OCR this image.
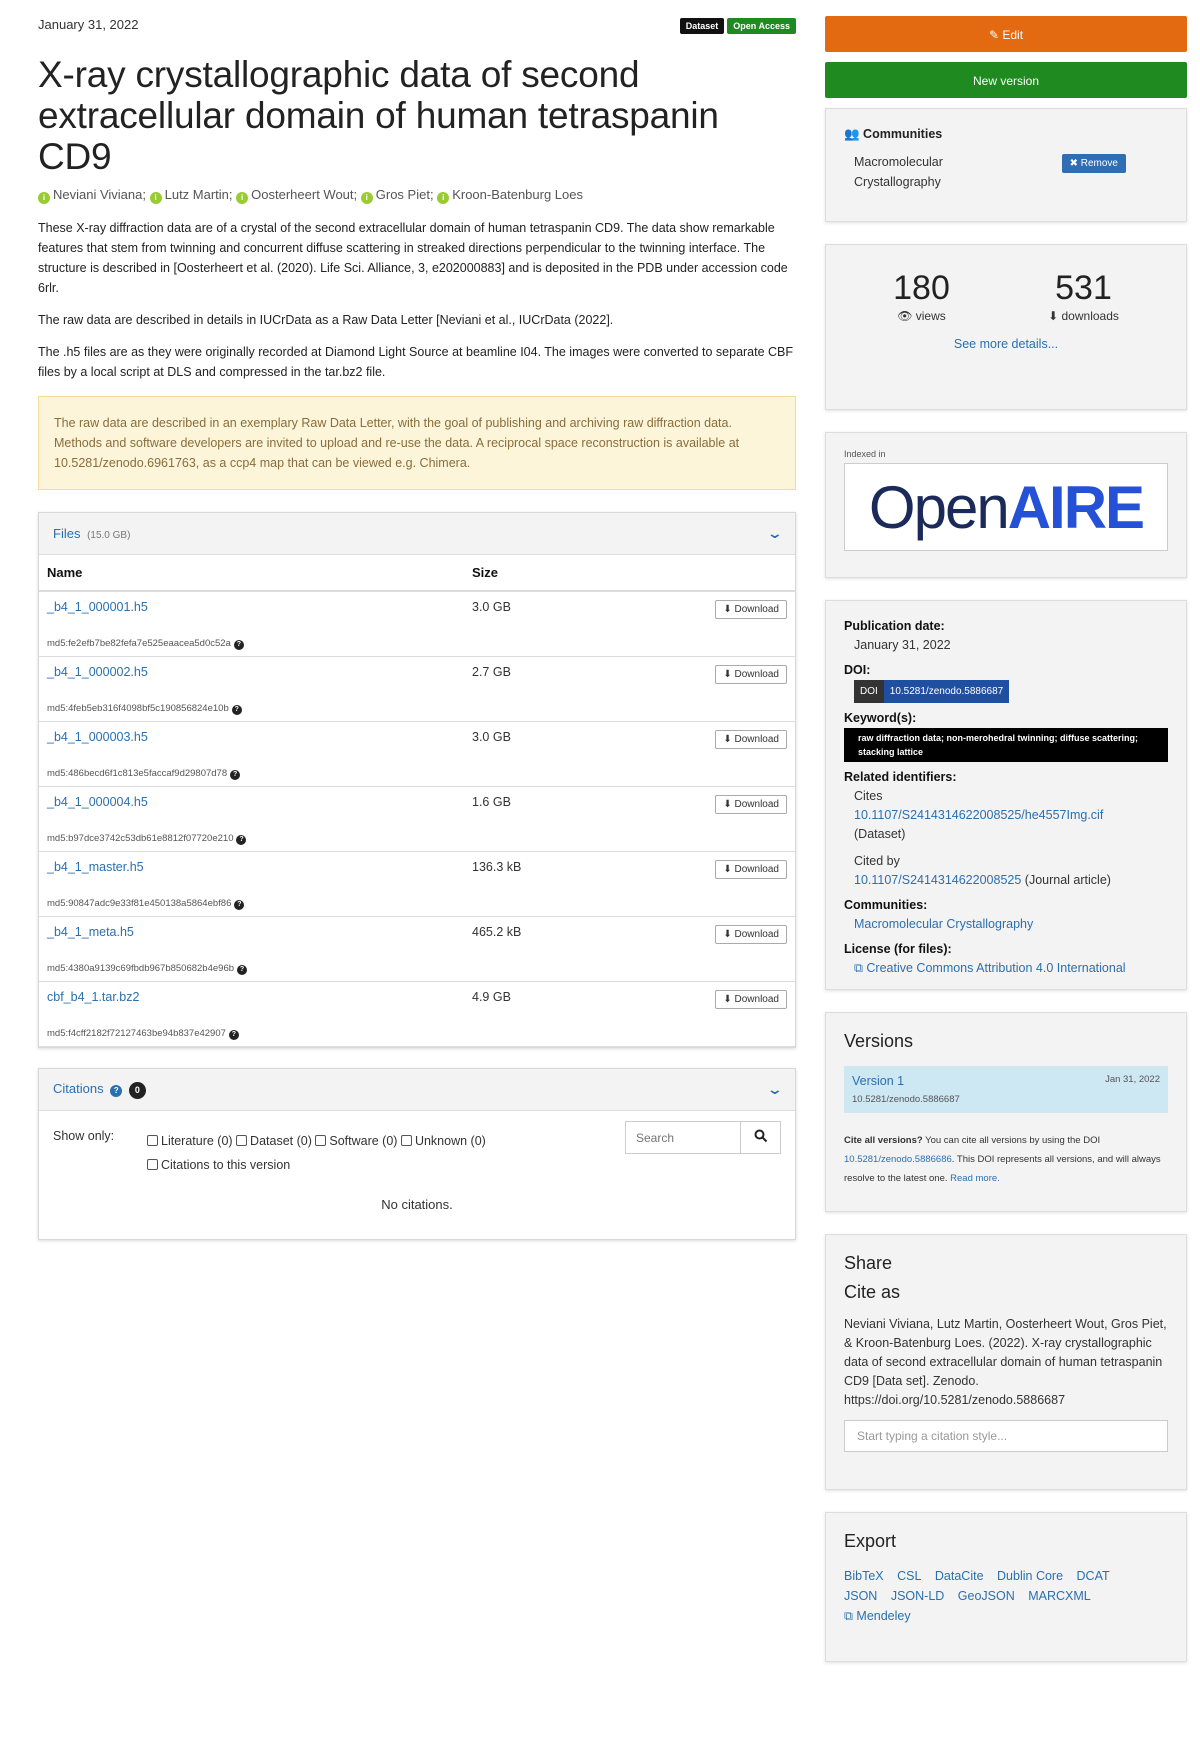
January 31, 2022	Dataset	Open Access
X-ray crystallographic data of second extracellular domain of human tetraspanin CD9
i Neviani Viviana; i Lutz Martin; i Oosterheert Wout; i Gros Piet; i Kroon-Batenburg Loes

These X-ray diffraction data are of a crystal of the second extracellular domain of human tetraspanin CD9. The data show remarkable features that stem from twinning and concurrent diffuse scattering in streaked directions perpendicular to the twinning interface. The structure is described in [Oosterheert et al. (2020). Life Sci. Alliance, 3, e202000883] and is deposited in the PDB under accession code 6rlr.

The raw data are described in details in IUCrData as a Raw Data Letter [Neviani et al., IUCrData (2022].

The .h5 files are as they were originally recorded at Diamond Light Source at beamline I04. The images were converted to separate CBF files by a local script at DLS and compressed in the tar.bz2 file.

The raw data are described in an exemplary Raw Data Letter, with the goal of publishing and archiving raw diffraction data. Methods and software developers are invited to upload and re-use the data. A reciprocal space reconstruction is available at 10.5281/zenodo.6961763, as a ccp4 map that can be viewed e.g. Chimera.
Files (15.0 GB)	⌄
Name	Size	

_b4_1_000001.h5
md5:fe2efb7be82fefa7e525eaacea5d0c52a ?	3.0 GB	⬇ Download

_b4_1_000002.h5
md5:4feb5eb316f4098bf5c190856824e10b ?	2.7 GB	⬇ Download

_b4_1_000003.h5
md5:486becd6f1c813e5faccaf9d29807d78 ?	3.0 GB	⬇ Download

_b4_1_000004.h5
md5:b97dce3742c53db61e8812f07720e210 ?	1.6 GB	⬇ Download

_b4_1_master.h5
md5:90847adc9e33f81e450138a5864ebf86 ?	136.3 kB	⬇ Download

_b4_1_meta.h5
md5:4380a9139c69fbdb967b850682b4e96b ?	465.2 kB	⬇ Download

cbf_b4_1.tar.bz2
md5:f4cff2182f72127463be94b837e42907 ?	4.9 GB	⬇ Download
Citations ? 0	⌄
Show only:	Literature (0) Dataset (0) Software (0) Unknown (0)
Citations to this version
Search
No citations.
✎ Edit
New version
👥 Communities
Macromolecular Crystallography
✖ Remove
180
👁 views
531
⬇ downloads
See more details...
Indexed in
Open AIRE
Publication date:
January 31, 2022
DOI:
DOI	10.5281/zenodo.5886687
Keyword(s):
raw diffraction data; non-merohedral twinning; diffuse scattering; stacking lattice
Related identifiers:
Cites
10.1107/S2414314622008525/he4557Img.cif
(Dataset)
Cited by
10.1107/S2414314622008525 (Journal article)
Communities:
Macromolecular Crystallography
License (for files):
⧉ Creative Commons Attribution 4.0 International
Versions
Version 1
10.5281/zenodo.5886687
Jan 31, 2022
Cite all versions? You can cite all versions by using the DOI 10.5281/zenodo.5886686. This DOI represents all versions, and will always resolve to the latest one. Read more.
Share
Cite as
Neviani Viviana, Lutz Martin, Oosterheert Wout, Gros Piet, & Kroon-Batenburg Loes. (2022). X-ray crystallographic data of second extracellular domain of human tetraspanin CD9 [Data set]. Zenodo. https://doi.org/10.5281/zenodo.5886687
Start typing a citation style...
Export
BibTeX CSL DataCite Dublin Core DCAT
JSON JSON-LD GeoJSON MARCXML
⧉ Mendeley
